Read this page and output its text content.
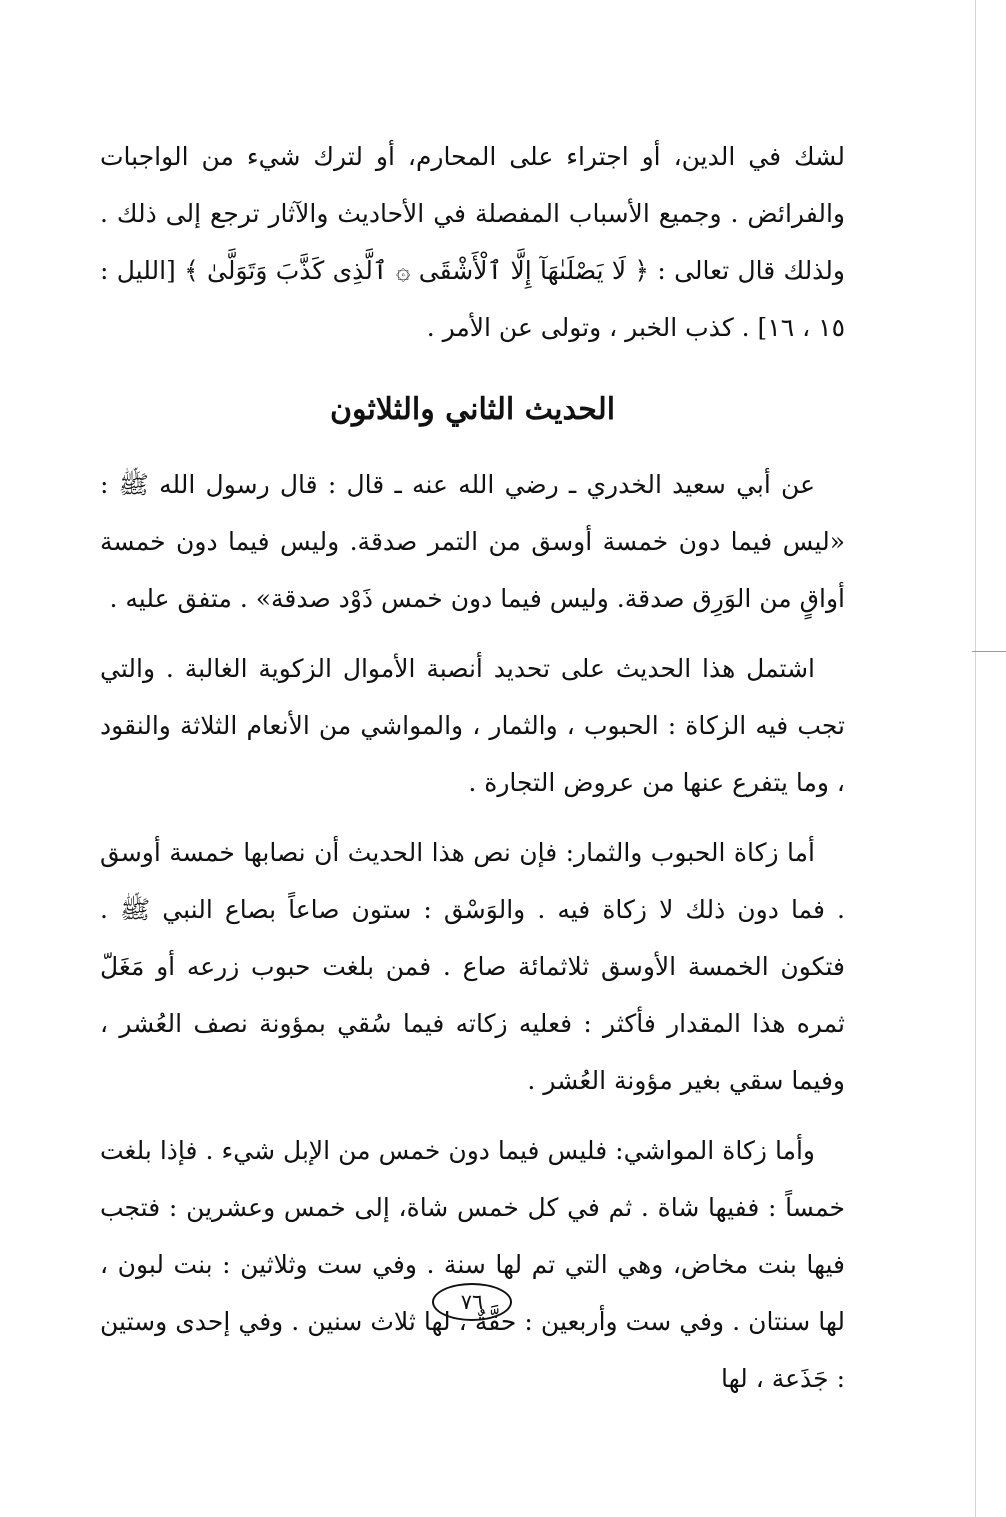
لشك في الدين، أو اجتراء على المحارم، أو لترك شيء من الواجبات والفرائض . وجميع الأسباب المفصلة في الأحاديث والآثار ترجع إلى ذلك . ولذلك قال تعالى : ﴿ لَا يَصْلَىٰهَآ إِلَّا ٱلْأَشْقَى ۞ ٱلَّذِى كَذَّبَ وَتَوَلَّىٰ ﴾ [الليل : ١٥ ، ١٦] . كذب الخبر ، وتولى عن الأمر .

الحديث الثاني والثلاثون

عن أبي سعيد الخدري ـ رضي الله عنه ـ قال : قال رسول الله ﷺ : «ليس فيما دون خمسة أوسق من التمر صدقة. وليس فيما دون خمسة أواقٍ من الوَرِق صدقة. وليس فيما دون خمس ذَوْد صدقة» . متفق عليه .

اشتمل هذا الحديث على تحديد أنصبة الأموال الزكوية الغالبة . والتي تجب فيه الزكاة : الحبوب ، والثمار ، والمواشي من الأنعام الثلاثة والنقود ، وما يتفرع عنها من عروض التجارة .

أما زكاة الحبوب والثمار: فإن نص هذا الحديث أن نصابها خمسة أوسق . فما دون ذلك لا زكاة فيه . والوَسْق : ستون صاعاً بصاع النبي ﷺ . فتكون الخمسة الأوسق ثلاثمائة صاع . فمن بلغت حبوب زرعه أو مَغَلّ ثمره هذا المقدار فأكثر : فعليه زكاته فيما سُقي بمؤونة نصف العُشر ، وفيما سقي بغير مؤونة العُشر .

وأما زكاة المواشي: فليس فيما دون خمس من الإبل شيء . فإذا بلغت خمساً : ففيها شاة . ثم في كل خمس شاة، إلى خمس وعشرين : فتجب فيها بنت مخاض، وهي التي تم لها سنة . وفي ست وثلاثين : بنت لبون ، لها سنتان . وفي ست وأربعين : حقَّةٌ ، لها ثلاث سنين . وفي إحدى وستين : جَذَعة ، لها

٧٦
